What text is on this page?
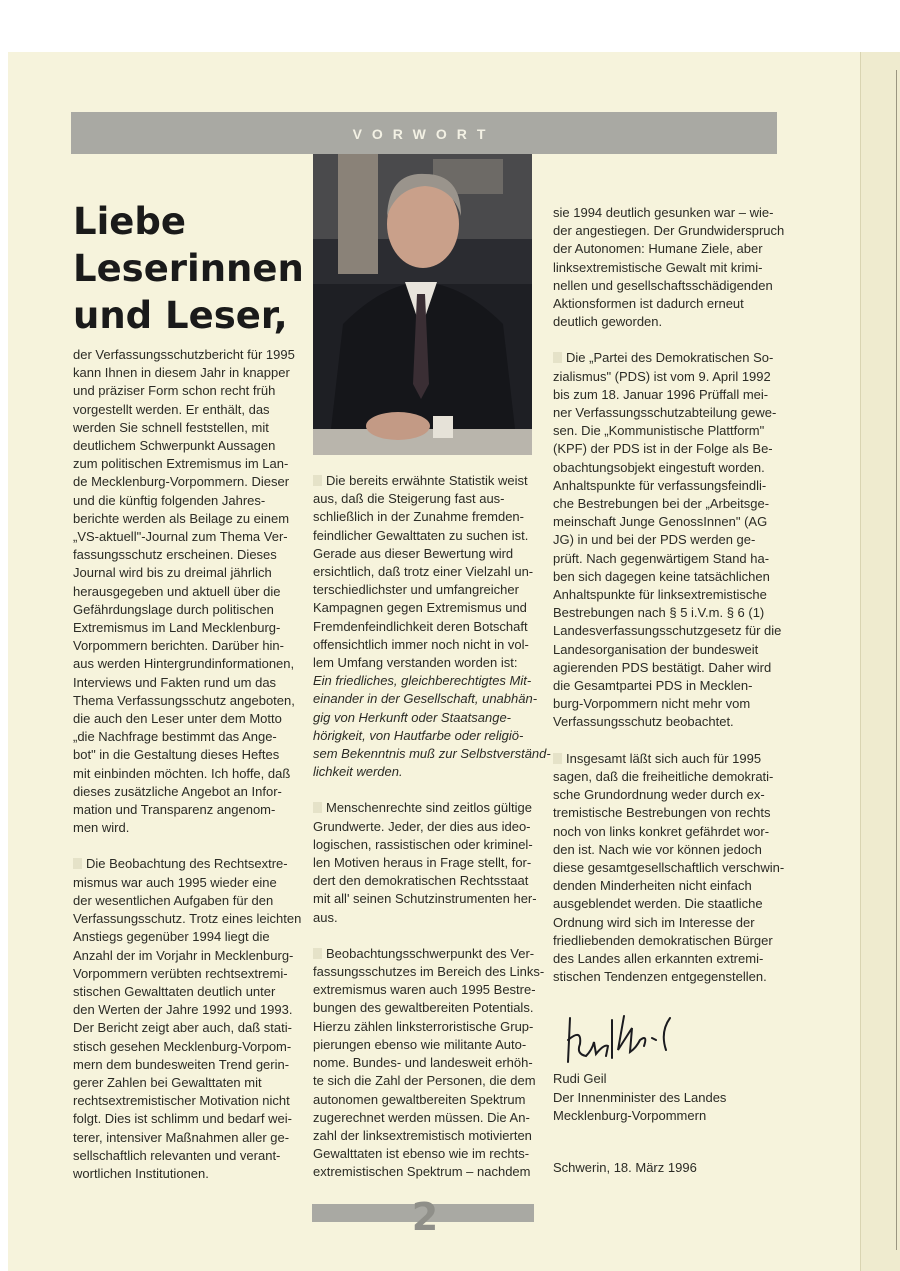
VORWORT
Liebe
Leserinnen
und Leser,

der Verfassungsschutzbericht für 1995
kann Ihnen in diesem Jahr in knapper
und präziser Form schon recht früh
vorgestellt werden. Er enthält, das
werden Sie schnell feststellen, mit
deutlichem Schwerpunkt Aussagen
zum politischen Extremismus im Lan-
de Mecklenburg-Vorpommern. Dieser
und die künftig folgenden Jahres-
berichte werden als Beilage zu einem
„VS-aktuell"-Journal zum Thema Ver-
fassungsschutz erscheinen. Dieses
Journal wird bis zu dreimal jährlich
herausgegeben und aktuell über die
Gefährdungslage durch politischen
Extremismus im Land Mecklenburg-
Vorpommern berichten. Darüber hin-
aus werden Hintergrundinformationen,
Interviews und Fakten rund um das
Thema Verfassungsschutz angeboten,
die auch den Leser unter dem Motto
„die Nachfrage bestimmt das Ange-
bot" in die Gestaltung dieses Heftes
mit einbinden möchten. Ich hoffe, daß
dieses zusätzliche Angebot an Infor-
mation und Transparenz angenom-
men wird.

Die Beobachtung des Rechtsextre-
mismus war auch 1995 wieder eine
der wesentlichen Aufgaben für den
Verfassungsschutz. Trotz eines leichten
Anstiegs gegenüber 1994 liegt die
Anzahl der im Vorjahr in Mecklenburg-
Vorpommern verübten rechtsextremi-
stischen Gewalttaten deutlich unter
den Werten der Jahre 1992 und 1993.
Der Bericht zeigt aber auch, daß stati-
stisch gesehen Mecklenburg-Vorpom-
mern dem bundesweiten Trend gerin-
gerer Zahlen bei Gewalttaten mit
rechtsextremistischer Motivation nicht
folgt. Dies ist schlimm und bedarf wei-
terer, intensiver Maßnahmen aller ge-
sellschaftlich relevanten und verant-
wortlichen Institutionen.

Die bereits erwähnte Statistik weist
aus, daß die Steigerung fast aus-
schließlich in der Zunahme fremden-
feindlicher Gewalttaten zu suchen ist.
Gerade aus dieser Bewertung wird
ersichtlich, daß trotz einer Vielzahl un-
terschiedlichster und umfangreicher
Kampagnen gegen Extremismus und
Fremdenfeindlichkeit deren Botschaft
offensichtlich immer noch nicht in vol-
lem Umfang verstanden worden ist:

Ein friedliches, gleichberechtigtes Mit-
einander in der Gesellschaft, unabhän-
gig von Herkunft oder Staatsange-
hörigkeit, von Hautfarbe oder religiö-
sem Bekenntnis muß zur Selbstverständ-
lichkeit werden.

Menschenrechte sind zeitlos gültige
Grundwerte. Jeder, der dies aus ideo-
logischen, rassistischen oder kriminel-
len Motiven heraus in Frage stellt, for-
dert den demokratischen Rechtsstaat
mit all' seinen Schutzinstrumenten her-
aus.

Beobachtungsschwerpunkt des Ver-
fassungsschutzes im Bereich des Links-
extremismus waren auch 1995 Bestre-
bungen des gewaltbereiten Potentials.
Hierzu zählen linksterroristische Grup-
pierungen ebenso wie militante Auto-
nome. Bundes- und landesweit erhöh-
te sich die Zahl der Personen, die dem
autonomen gewaltbereiten Spektrum
zugerechnet werden müssen. Die An-
zahl der linksextremistisch motivierten
Gewalttaten ist ebenso wie im rechts-
extremistischen Spektrum – nachdem

sie 1994 deutlich gesunken war – wie-
der angestiegen. Der Grundwiderspruch
der Autonomen: Humane Ziele, aber
linksextremistische Gewalt mit krimi-
nellen und gesellschaftsschädigenden
Aktionsformen ist dadurch erneut
deutlich geworden.

Die „Partei des Demokratischen So-
zialismus" (PDS) ist vom 9. April 1992
bis zum 18. Januar 1996 Prüffall mei-
ner Verfassungsschutzabteilung gewe-
sen. Die „Kommunistische Plattform"
(KPF) der PDS ist in der Folge als Be-
obachtungsobjekt eingestuft worden.
Anhaltspunkte für verfassungsfeindli-
che Bestrebungen bei der „Arbeitsge-
meinschaft Junge GenossInnen" (AG
JG) in und bei der PDS werden ge-
prüft. Nach gegenwärtigem Stand ha-
ben sich dagegen keine tatsächlichen
Anhaltspunkte für linksextremistische
Bestrebungen nach § 5 i.V.m. § 6 (1)
Landesverfassungsschutzgesetz für die
Landesorganisation der bundesweit
agierenden PDS bestätigt. Daher wird
die Gesamtpartei PDS in Mecklen-
burg-Vorpommern nicht mehr vom
Verfassungsschutz beobachtet.

Insgesamt läßt sich auch für 1995
sagen, daß die freiheitliche demokrati-
sche Grundordnung weder durch ex-
tremistische Bestrebungen von rechts
noch von links konkret gefährdet wor-
den ist. Nach wie vor können jedoch
diese gesamtgesellschaftlich verschwin-
denden Minderheiten nicht einfach
ausgeblendet werden. Die staatliche
Ordnung wird sich im Interesse der
friedliebenden demokratischen Bürger
des Landes allen erkannten extremi-
stischen Tendenzen entgegenstellen.

Rudi Geil
Der Innenminister des Landes
Mecklenburg-Vorpommern
Schwerin, 18. März 1996
2
